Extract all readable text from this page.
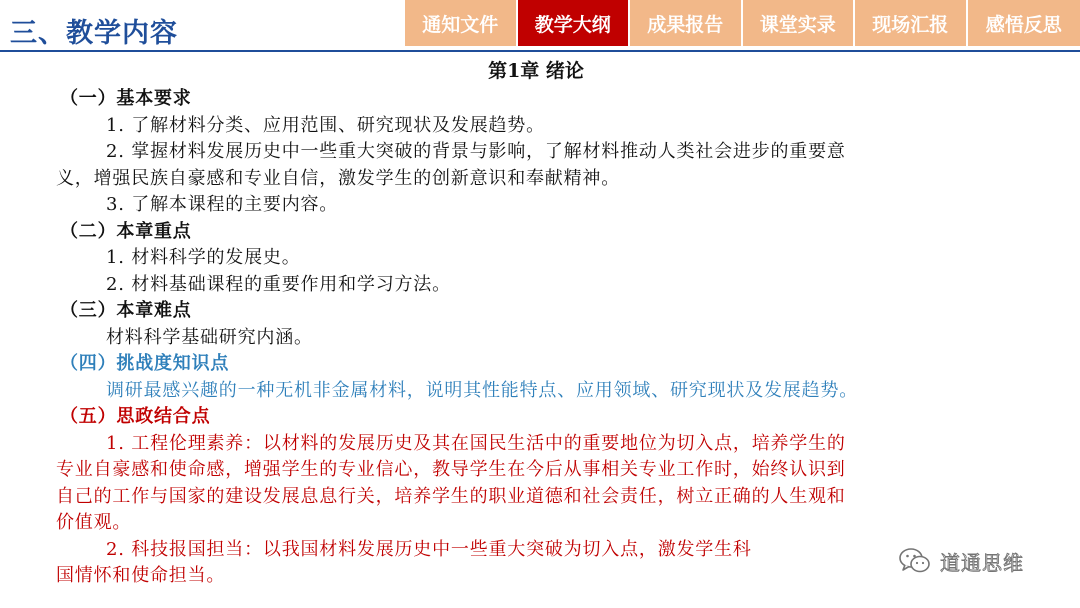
三、教学内容	通知文件	教学大纲	成果报告	课堂实录	现场汇报	感悟反思
第1章 绪论
（一）基本要求
1. 了解材料分类、应用范围、研究现状及发展趋势。
2. 掌握材料发展历史中一些重大突破的背景与影响，了解材料推动人类社会进步的重要意
义，增强民族自豪感和专业自信，激发学生的创新意识和奉献精神。
3. 了解本课程的主要内容。
（二）本章重点
1. 材料科学的发展史。
2. 材料基础课程的重要作用和学习方法。
（三）本章难点
材料科学基础研究内涵。
（四）挑战度知识点
调研最感兴趣的一种无机非金属材料，说明其性能特点、应用领域、研究现状及发展趋势。
（五）思政结合点
1. 工程伦理素养：以材料的发展历史及其在国民生活中的重要地位为切入点，培养学生的
专业自豪感和使命感，增强学生的专业信心，教导学生在今后从事相关专业工作时，始终认识到
自己的工作与国家的建设发展息息行关，培养学生的职业道德和社会责任，树立正确的人生观和
价值观。
2. 科技报国担当：以我国材料发展历史中一些重大突破为切入点，激发学生科
国情怀和使命担当。
道通思维
